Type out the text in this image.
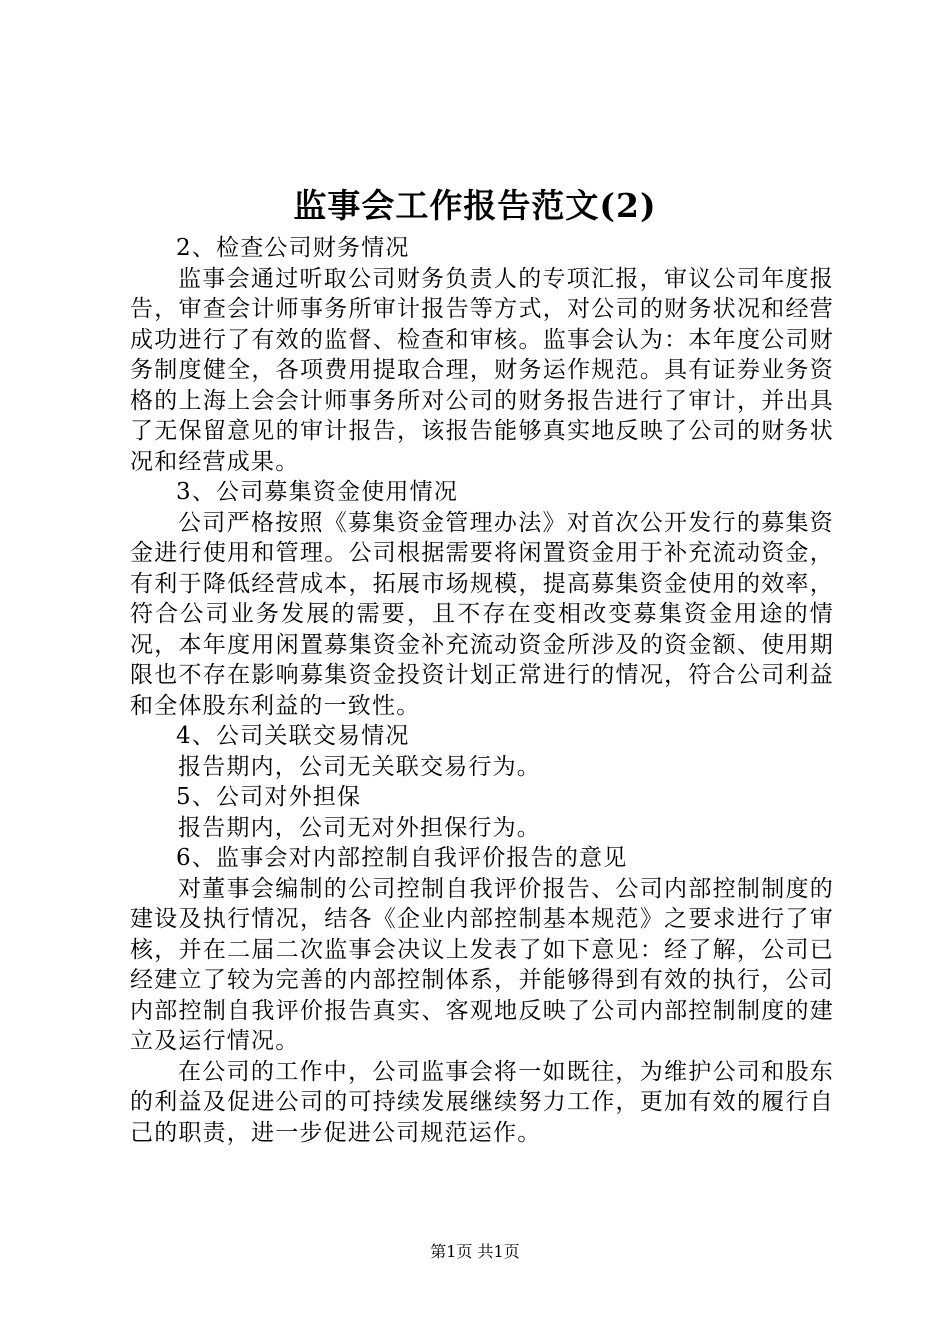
监事会工作报告范文(2)

2、检查公司财务情况

监事会通过听取公司财务负责人的专项汇报，审议公司年度报告，审查会计师事务所审计报告等方式，对公司的财务状况和经营成功进行了有效的监督、检查和审核。监事会认为：本年度公司财务制度健全，各项费用提取合理，财务运作规范。具有证券业务资格的上海上会会计师事务所对公司的财务报告进行了审计，并出具了无保留意见的审计报告，该报告能够真实地反映了公司的财务状况和经营成果。

3、公司募集资金使用情况

公司严格按照《募集资金管理办法》对首次公开发行的募集资金进行使用和管理。公司根据需要将闲置资金用于补充流动资金，有利于降低经营成本，拓展市场规模，提高募集资金使用的效率，符合公司业务发展的需要，且不存在变相改变募集资金用途的情况，本年度用闲置募集资金补充流动资金所涉及的资金额、使用期限也不存在影响募集资金投资计划正常进行的情况，符合公司利益和全体股东利益的一致性。

4、公司关联交易情况

报告期内，公司无关联交易行为。

5、公司对外担保

报告期内，公司无对外担保行为。

6、监事会对内部控制自我评价报告的意见

对董事会编制的公司控制自我评价报告、公司内部控制制度的建设及执行情况，结各《企业内部控制基本规范》之要求进行了审核，并在二届二次监事会决议上发表了如下意见：经了解，公司已经建立了较为完善的内部控制体系，并能够得到有效的执行，公司内部控制自我评价报告真实、客观地反映了公司内部控制制度的建立及运行情况。

在公司的工作中，公司监事会将一如既往，为维护公司和股东的利益及促进公司的可持续发展继续努力工作，更加有效的履行自己的职责，进一步促进公司规范运作。

第1页 共1页
